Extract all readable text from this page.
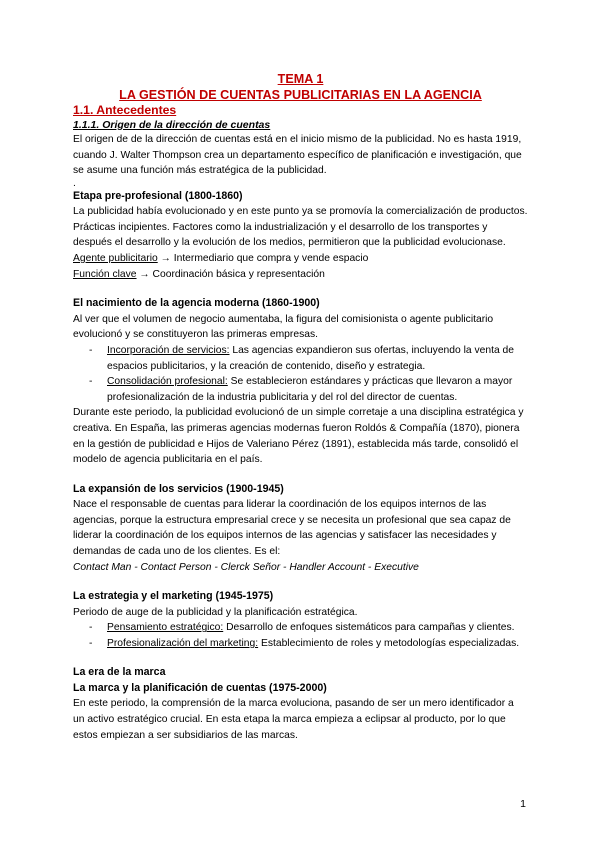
TEMA 1
LA GESTIÓN DE CUENTAS PUBLICITARIAS EN LA AGENCIA
1.1. Antecedentes
1.1.1. Origen de la dirección de cuentas

El origen de de la dirección de cuentas está en el inicio mismo de la publicidad. No es hasta 1919, cuando J. Walter Thompson crea un departamento específico de planificación e investigación, que se asume una función más estratégica de la publicidad.

.

Etapa pre-profesional (1800-1860)

La publicidad había evolucionado y en este punto ya se promovía la comercialización de productos. Prácticas incipientes. Factores como la industrialización y el desarrollo de los transportes y después el desarrollo y la evolución de los medios, permitieron que la publicidad evolucionase.

Agente publicitario → Intermediario que compra y vende espacio

Función clave → Coordinación básica y representación

El nacimiento de la agencia moderna (1860-1900)

Al ver que el volumen de negocio aumentaba, la figura del comisionista o agente publicitario evolucionó y se constituyeron las primeras empresas.

- Incorporación de servicios: Las agencias expandieron sus ofertas, incluyendo la venta de espacios publicitarios, y la creación de contenido, diseño y estrategia.
- Consolidación profesional: Se establecieron estándares y prácticas que llevaron a mayor profesionalización de la industria publicitaria y del rol del director de cuentas.

Durante este periodo, la publicidad evolucionó de un simple corretaje a una disciplina estratégica y creativa. En España, las primeras agencias modernas fueron Roldós & Compañía (1870), pionera en la gestión de publicidad e Hijos de Valeriano Pérez (1891), establecida más tarde, consolidó el modelo de agencia publicitaria en el país.

La expansión de los servicios (1900-1945)

Nace el responsable de cuentas para liderar la coordinación de los equipos internos de las agencias, porque la estructura empresarial crece y se necesita un profesional que sea capaz de liderar la coordinación de los equipos internos de las agencias y satisfacer las necesidades y demandas de cada uno de los clientes. Es el:

Contact Man - Contact Person - Clerck Señor - Handler Account - Executive

La estrategia y el marketing (1945-1975)

Periodo de auge de la publicidad y la planificación estratégica.

- Pensamiento estratégico: Desarrollo de enfoques sistemáticos para campañas y clientes.
- Profesionalización del marketing: Establecimiento de roles y metodologías especializadas.
La era de la marca
La marca y la planificación de cuentas (1975-2000)

En este periodo, la comprensión de la marca evoluciona, pasando de ser un mero identificador a un activo estratégico crucial. En esta etapa la marca empieza a eclipsar al producto, por lo que estos empiezan a ser subsidiarios de las marcas.

1
